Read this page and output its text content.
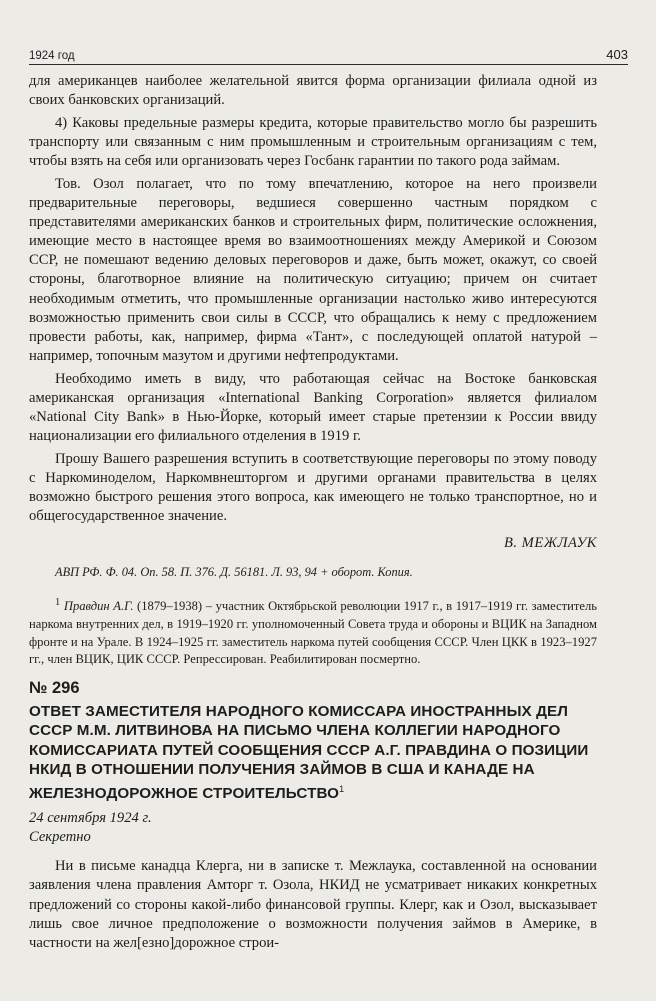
1924 год	403

для американцев наиболее желательной явится форма организации филиала одной из своих банковских организаций.

4) Каковы предельные размеры кредита, которые правительство могло бы разрешить транспорту или связанным с ним промышленным и строительным организациям с тем, чтобы взять на себя или организовать через Госбанк гарантии по такого рода займам.

Тов. Озол полагает, что по тому впечатлению, которое на него произвели предварительные переговоры, ведшиеся совершенно частным порядком с представителями американских банков и строительных фирм, политические осложнения, имеющие место в настоящее время во взаимоотношениях между Америкой и Союзом ССР, не помешают ведению деловых переговоров и даже, быть может, окажут, со своей стороны, благотворное влияние на политическую ситуацию; причем он считает необходимым отметить, что промышленные организации настолько живо интересуются возможностью применить свои силы в СССР, что обращались к нему с предложением провести работы, как, например, фирма «Тант», с последующей оплатой натурой – например, топочным мазутом и другими нефтепродуктами.

Необходимо иметь в виду, что работающая сейчас на Востоке банковская американская организация «International Banking Corporation» является филиалом «National City Bank» в Нью-Йорке, который имеет старые претензии к России ввиду национализации его филиального отделения в 1919 г.

Прошу Вашего разрешения вступить в соответствующие переговоры по этому поводу с Наркоминоделом, Наркомвнешторгом и другими органами правительства в целях возможно быстрого решения этого вопроса, как имеющего не только транспортное, но и общегосударственное значение.

В. МЕЖЛАУК
АВП РФ. Ф. 04. Оп. 58. П. 376. Д. 56181. Л. 93, 94 + оборот. Копия.

$^1$ Правдин А.Г. (1879–1938) – участник Октябрьской революции 1917 г., в 1917–1919 гг. заместитель наркома внутренних дел, в 1919–1920 гг. уполномоченный Совета труда и обороны и ВЦИК на Западном фронте и на Урале. В 1924–1925 гг. заместитель наркома путей сообщения СССР. Член ЦКК в 1923–1927 гг., член ВЦИК, ЦИК СССР. Репрессирован. Реабилитирован посмертно.

№ 296
ОТВЕТ ЗАМЕСТИТЕЛЯ НАРОДНОГО КОМИССАРА ИНОСТРАННЫХ ДЕЛ СССР М.М. ЛИТВИНОВА НА ПИСЬМО ЧЛЕНА КОЛЛЕГИИ НАРОДНОГО КОМИССАРИАТА ПУТЕЙ СООБЩЕНИЯ СССР А.Г. ПРАВДИНА О ПОЗИЦИИ НКИД В ОТНОШЕНИИ ПОЛУЧЕНИЯ ЗАЙМОВ В США И КАНАДЕ НА ЖЕЛЕЗНОДОРОЖНОЕ СТРОИТЕЛЬСТВО$^1$

24 сентября 1924 г.

Секретно

Ни в письме канадца Клерга, ни в записке т. Межлаука, составленной на основании заявления члена правления Амторг т. Озола, НКИД не усматривает никаких конкретных предложений со стороны какой-либо финансовой группы. Клерг, как и Озол, высказывает лишь свое личное предположение о возможности получения займов в Америке, в частности на жел[езно]дорожное строи-
